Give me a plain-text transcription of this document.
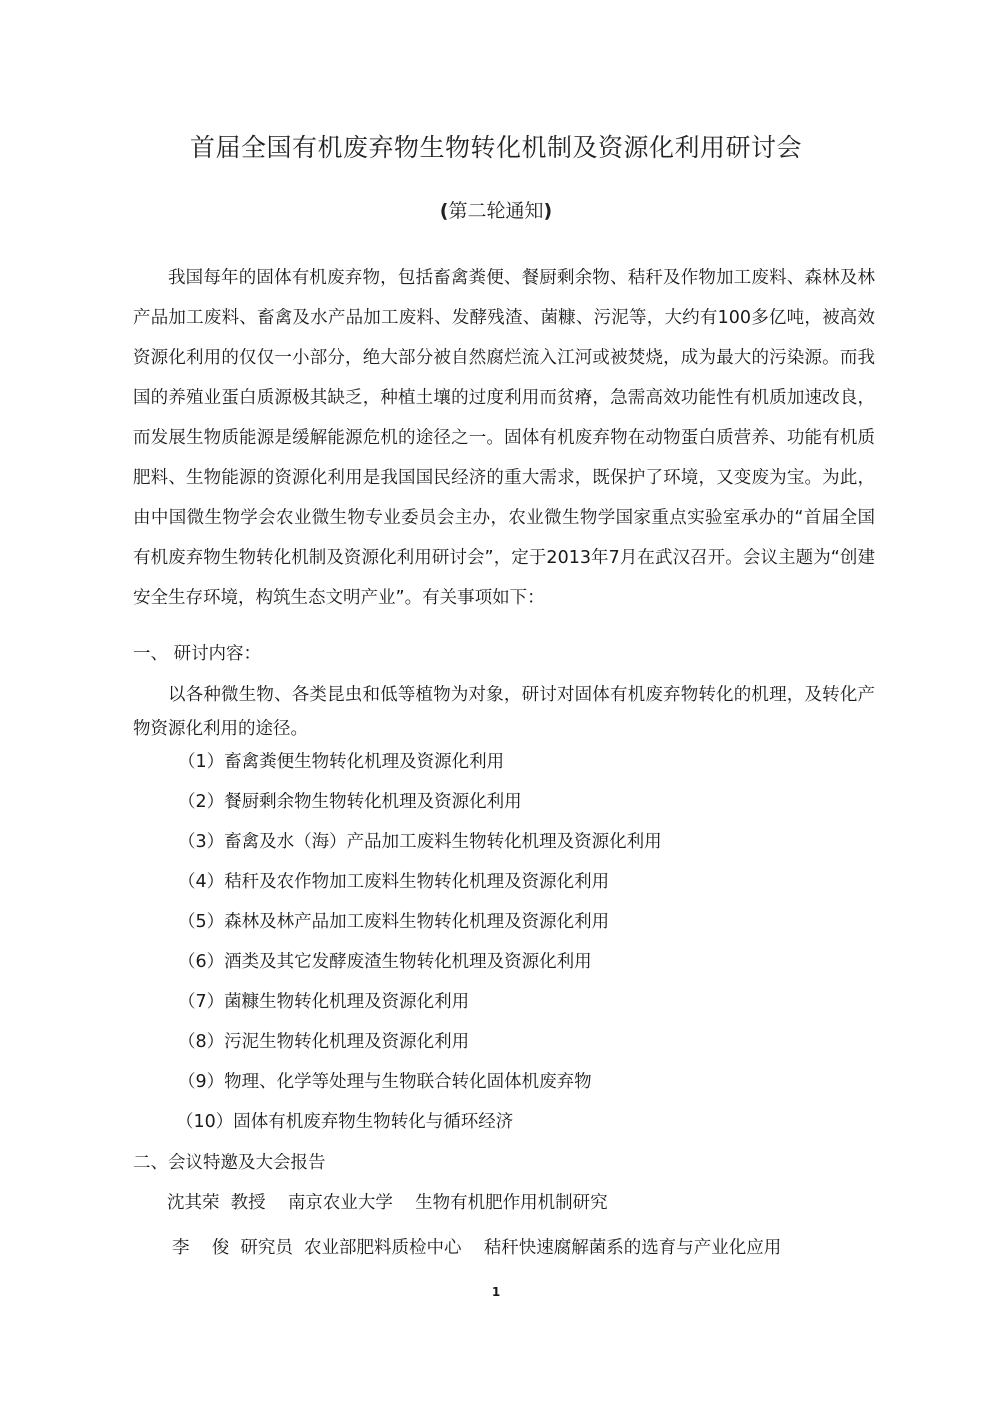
首届全国有机废弃物生物转化机制及资源化利用研讨会
(第二轮通知)
我国每年的固体有机废弃物，包括畜禽粪便、餐厨剩余物、秸秆及作物加工废料、森林及林产品加工废料、畜禽及水产品加工废料、发酵残渣、菌糠、污泥等，大约有100多亿吨，被高效资源化利用的仅仅一小部分，绝大部分被自然腐烂流入江河或被焚烧，成为最大的污染源。而我国的养殖业蛋白质源极其缺乏，种植土壤的过度利用而贫瘠，急需高效功能性有机质加速改良，而发展生物质能源是缓解能源危机的途径之一。固体有机废弃物在动物蛋白质营养、功能有机质肥料、生物能源的资源化利用是我国国民经济的重大需求，既保护了环境，又变废为宝。为此，由中国微生物学会农业微生物专业委员会主办，农业微生物学国家重点实验室承办的“首届全国有机废弃物生物转化机制及资源化利用研讨会”，定于2013年7月在武汉召开。会议主题为“创建安全生存环境，构筑生态文明产业”。有关事项如下：
一、 研讨内容：
以各种微生物、各类昆虫和低等植物为对象，研讨对固体有机废弃物转化的机理，及转化产物资源化利用的途径。
（1）畜禽粪便生物转化机理及资源化利用
（2）餐厨剩余物生物转化机理及资源化利用
（3）畜禽及水（海）产品加工废料生物转化机理及资源化利用
（4）秸秆及农作物加工废料生物转化机理及资源化利用
（5）森林及林产品加工废料生物转化机理及资源化利用
（6）酒类及其它发酵废渣生物转化机理及资源化利用
（7）菌糠生物转化机理及资源化利用
（8）污泥生物转化机理及资源化利用
（9）物理、化学等处理与生物联合转化固体机废弃物
（10）固体有机废弃物生物转化与循环经济
二、会议特邀及大会报告
沈其荣  教授    南京农业大学    生物有机肥作用机制研究
李    俊  研究员  农业部肥料质检中心    秸秆快速腐解菌系的选育与产业化应用
1
